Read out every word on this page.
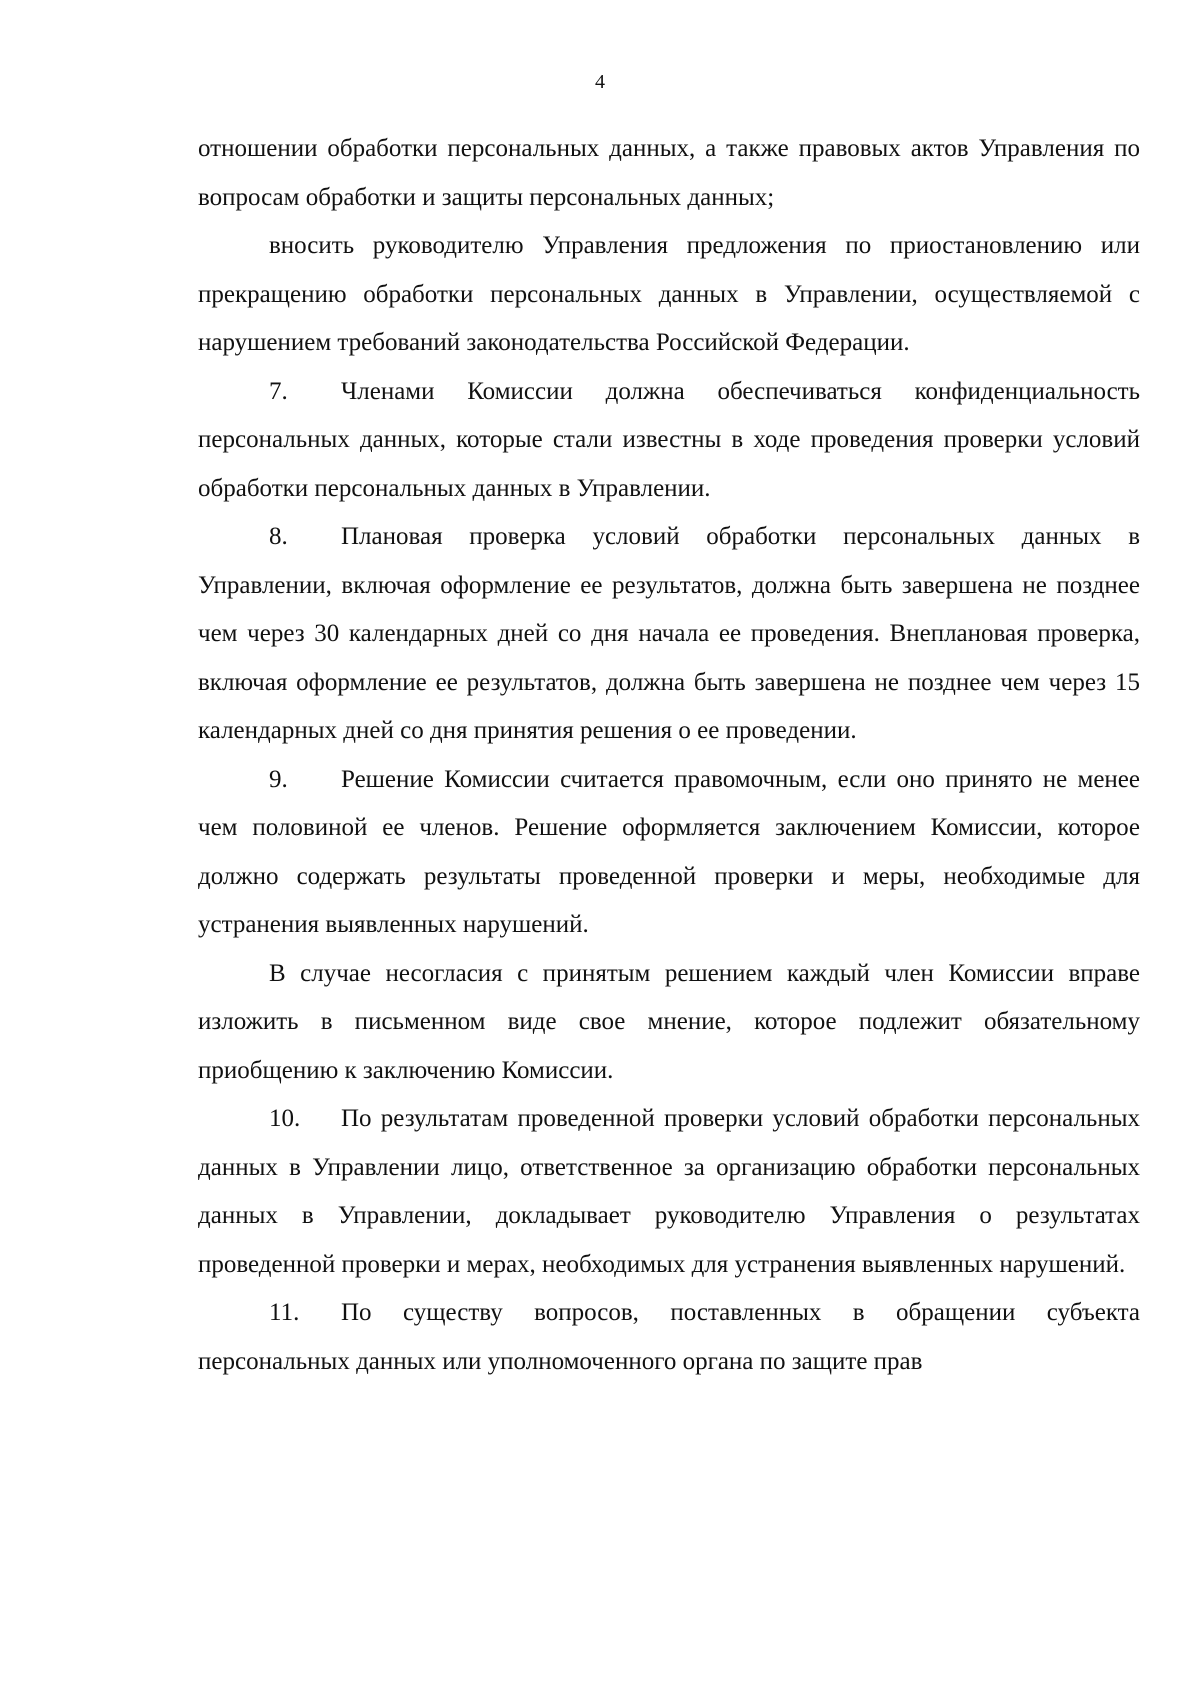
4

отношении обработки персональных данных, а также правовых актов Управления по вопросам обработки и защиты персональных данных;

вносить руководителю Управления предложения по приостановлению или прекращению обработки персональных данных в Управлении, осуществляемой с нарушением требований законодательства Российской Федерации.

7. Членами Комиссии должна обеспечиваться конфиденциальность персональных данных, которые стали известны в ходе проведения проверки условий обработки персональных данных в Управлении.

8. Плановая проверка условий обработки персональных данных в Управлении, включая оформление ее результатов, должна быть завершена не позднее чем через 30 календарных дней со дня начала ее проведения. Внеплановая проверка, включая оформление ее результатов, должна быть завершена не позднее чем через 15 календарных дней со дня принятия решения о ее проведении.

9. Решение Комиссии считается правомочным, если оно принято не менее чем половиной ее членов. Решение оформляется заключением Комиссии, которое должно содержать результаты проведенной проверки и меры, необходимые для устранения выявленных нарушений.

В случае несогласия с принятым решением каждый член Комиссии вправе изложить в письменном виде свое мнение, которое подлежит обязательному приобщению к заключению Комиссии.

10. По результатам проведенной проверки условий обработки персональных данных в Управлении лицо, ответственное за организацию обработки персональных данных в Управлении, докладывает руководителю Управления о результатах проведенной проверки и мерах, необходимых для устранения выявленных нарушений.

11. По существу вопросов, поставленных в обращении субъекта персональных данных или уполномоченного органа по защите прав
